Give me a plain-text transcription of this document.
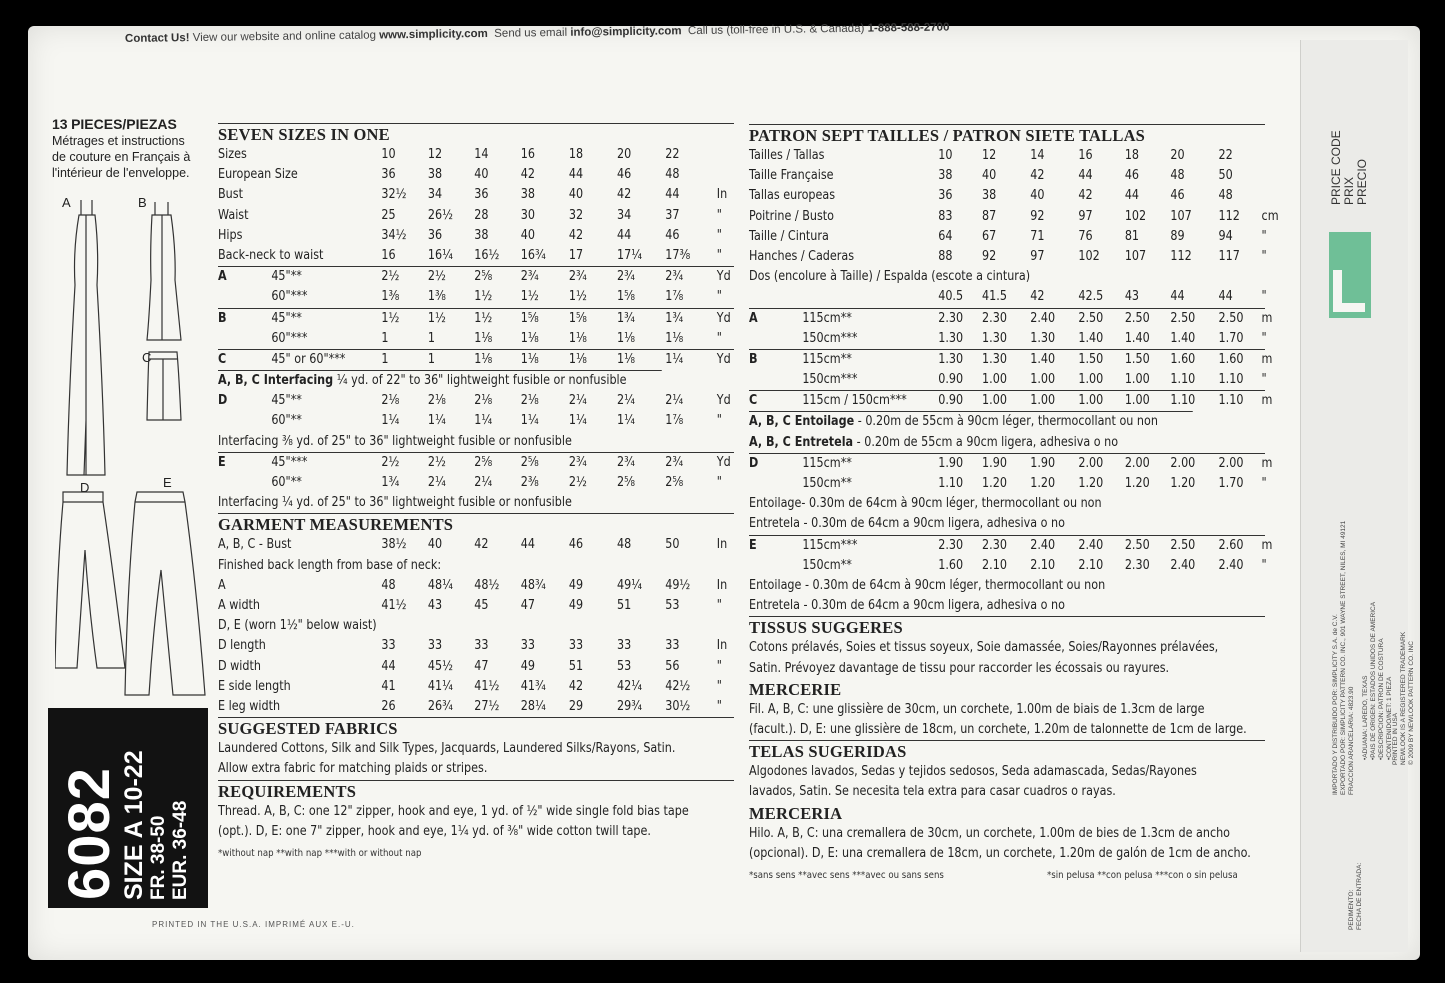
Contact Us! View our website and online catalog www.simplicity.com Send us email info@simplicity.com Call us (toll-free in U.S. & Canada) 1-888-588-2700
13 PIECES/PIEZAS
Métrages et instructions
de couture en Français à
l'intérieur de l'enveloppe.
A	B
C
D	E
6082
SIZE A 10-22 FR. 38-50 EUR. 36-48
PRINTED IN THE U.S.A. IMPRIMÉ AUX E.-U.
SEVEN SIZES IN ONE
Sizes	10 12 14 16	18	20	22
European Size	36 38 40 42	44	46	48
Bust	32½ 34 36 38	40	42	44	In
Waist	25 26½ 28 30	32	34	37	"
Hips	34½ 36 38 40	42	44	46	"
Back-neck to waist	16 16¼ 16½ 16¾ 17	17¼ 17⅜ "
A	45"**	2½ 2½ 2⅝ 2¾ 2¾ 2¾ 2¾	Yd
60"***	1⅜ 1⅜ 1½ 1½ 1½ 1⅝ 1⅞	"
B	45"**	1½ 1½ 1½ 1⅝ 1⅝ 1¾ 1¾	Yd
60"***	1	1	1⅛ 1⅛ 1⅛ 1⅛ 1⅛	"
C	45" or 60"***	1	1	1⅛ 1⅛ 1⅛ 1⅛ 1¼	Yd
A, B, C Interfacing ¼ yd. of 22" to 36" lightweight fusible or nonfusible
D	45"**	2⅛ 2⅛ 2⅛ 2⅛ 2¼ 2¼ 2¼	Yd
60"**	1¼ 1¼ 1¼ 1¼ 1¼ 1¼ 1⅞	"
Interfacing ⅜ yd. of 25" to 36" lightweight fusible or nonfusible
E	45"***	2½ 2½ 2⅝ 2⅝ 2¾ 2¾ 2¾	Yd
60"**	1¾ 2¼ 2¼ 2⅜ 2½ 2⅝ 2⅝	"
Interfacing ¼ yd. of 25" to 36" lightweight fusible or nonfusible
GARMENT MEASUREMENTS
A, B, C - Bust	38½ 40 42 44	46	48	50	In
Finished back length from base of neck:
A	48 48¼ 48½ 48¾ 49	49¼ 49½ In
A width	41½ 43 45 47	49	51	53	"
D, E (worn 1½" below waist)
D length	33 33 33 33	33	33	33	In
D width	44 45½ 47 49	51	53	56	"
E side length	41 41¼ 41½ 41¾ 42	42¼ 42½ "
E leg width	26 26¾ 27½ 28¼ 29	29¾ 30½ "
SUGGESTED FABRICS
Laundered Cottons, Silk and Silk Types, Jacquards, Laundered Silks/Rayons, Satin.
Allow extra fabric for matching plaids or stripes.
REQUIREMENTS
Thread. A, B, C: one 12" zipper, hook and eye, 1 yd. of ½" wide single fold bias tape
(opt.). D, E: one 7" zipper, hook and eye, 1¼ yd. of ⅜" wide cotton twill tape.
*without nap **with nap ***with or without nap
PATRON SEPT TAILLES / PATRON SIETE TALLAS
Tailles / Tallas	10 12	14	16 18 20	22
Taille Française	38 40	42	44 46 48	50
Tallas europeas	36 38	40	42 44 46	48
Poitrine / Busto	83 87	92	97 102 107 112 cm
Taille / Cintura	64 67	71	76 81 89	94 "
Hanches / Caderas	88 92	97	102 107 112 117 "
Dos (encolure à Taille) / Espalda (escote a cintura)
40.5 41.5 42	42.5 43 44	44 "
A	115cm**	2.30 2.30 2.40 2.50 2.50 2.50 2.50 m
150cm***	1.30 1.30 1.30 1.40 1.40 1.40 1.70 "
B	115cm**	1.30 1.30 1.40 1.50 1.50 1.60 1.60 m
150cm***	0.90 1.00 1.00 1.00 1.00 1.10 1.10 "
C	115cm / 150cm*** 0.90 1.00 1.00 1.00 1.00 1.10 1.10 m
A, B, C Entoilage - 0.20m de 55cm à 90cm léger, thermocollant ou non
A, B, C Entretela - 0.20m de 55cm a 90cm ligera, adhesiva o no
D	115cm**	1.90 1.90 1.90 2.00 2.00 2.00 2.00 m
150cm**	1.10 1.20 1.20 1.20 1.20 1.20 1.70 "
Entoilage- 0.30m de 64cm à 90cm léger, thermocollant ou non
Entretela - 0.30m de 64cm a 90cm ligera, adhesiva o no
E	115cm***	2.30 2.30 2.40 2.40 2.50 2.50 2.60 m
150cm**	1.60 2.10 2.10 2.10 2.30 2.40 2.40 "
Entoilage - 0.30m de 64cm à 90cm léger, thermocollant ou non
Entretela - 0.30m de 64cm a 90cm ligera, adhesiva o no
TISSUS SUGGERES
Cotons prélavés, Soies et tissus soyeux, Soie damassée, Soies/Rayonnes prélavées,
Satin. Prévoyez davantage de tissu pour raccorder les écossais ou rayures.
MERCERIE
Fil. A, B, C: une glissière de 30cm, un corchete, 1.00m de biais de 1.3cm de large
(facult.). D, E: une glissière de 18cm, un corchete, 1.20m de talonnette de 1cm de large.
TELAS SUGERIDAS
Algodones lavados, Sedas y tejidos sedosos, Seda adamascada, Sedas/Rayones
lavados, Satin. Se necesita tela extra para casar cuadros o rayas.
MERCERIA
Hilo. A, B, C: una cremallera de 30cm, un corchete, 1.00m de bies de 1.3cm de ancho
(opcional). D, E: una cremallera de 18cm, un corchete, 1.20m de galón de 1cm de ancho.
*sans sens **avec sens ***avec ou sans sens	*sin pelusa **con pelusa ***con o sin pelusa
PRICE CODE PRIX PRECIO
IMPORTADO Y DISTRIBUIDO POR: SIMPLICITY S.A. de C.V. EXPORTADO POR: SIMPLICITY PATTERN CO. INC., 901 WAYNE STREET, NILES, MI 49121 FRACCION ARANCELARIA: 4823.90 •ADUANA: LAREDO, TEXAS •PAIS DE ORIGEN: ESTADOS UNIDOS DE AMERICA •DESCRIPCION: PATRON DE COSTURA •CONTENIDO/NET: 1 PIEZA PRINTED IN USA NEWLOOK IS A REGISTERED TRADEMARK © 2009 BY NEWLOOK PATTERN CO. INC
PEDIMENTO: FECHA DE ENTRADA:
